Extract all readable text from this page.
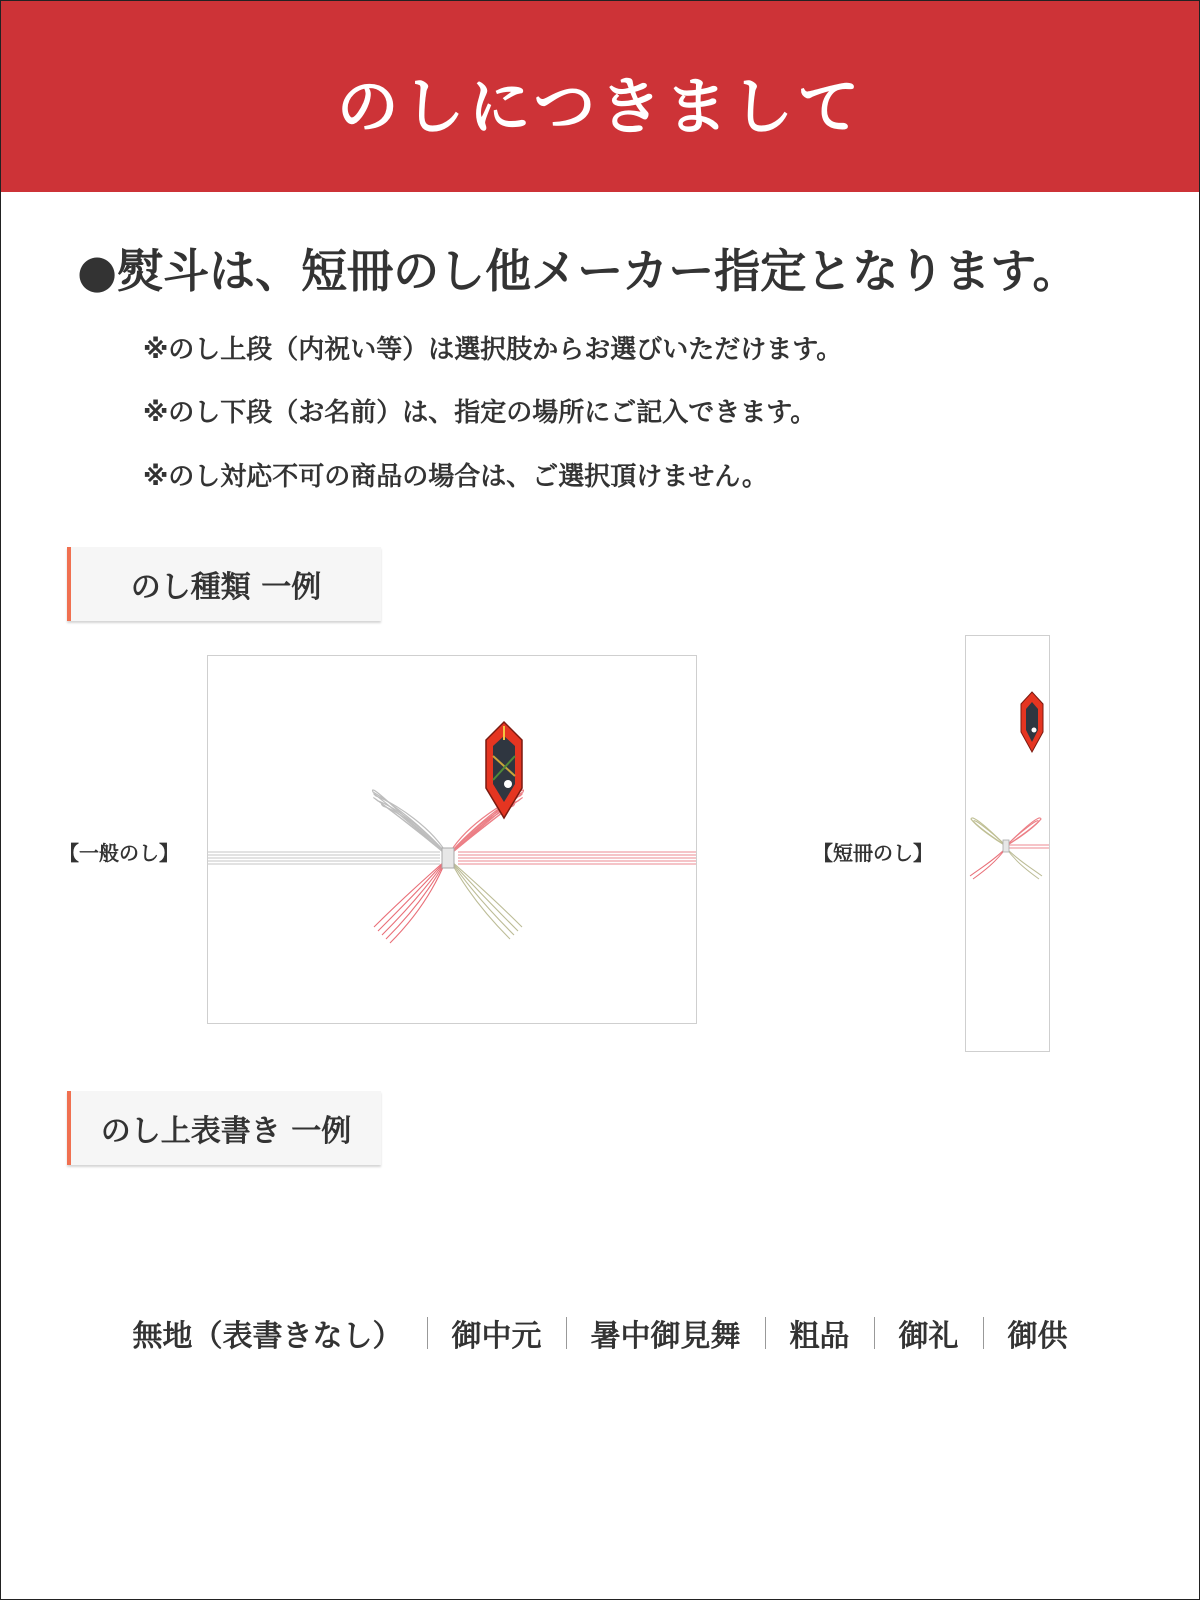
のしにつきまして
●熨斗は、短冊のし他メーカー指定となります。
※のし上段（内祝い等）は選択肢からお選びいただけます。
※のし下段（お名前）は、指定の場所にご記入できます。
※のし対応不可の商品の場合は、ご選択頂けません。
のし種類 一例
【一般のし】	【短冊のし】
のし上表書き 一例
無地（表書きなし） 御中元 暑中御見舞 粗品 御礼 御供
